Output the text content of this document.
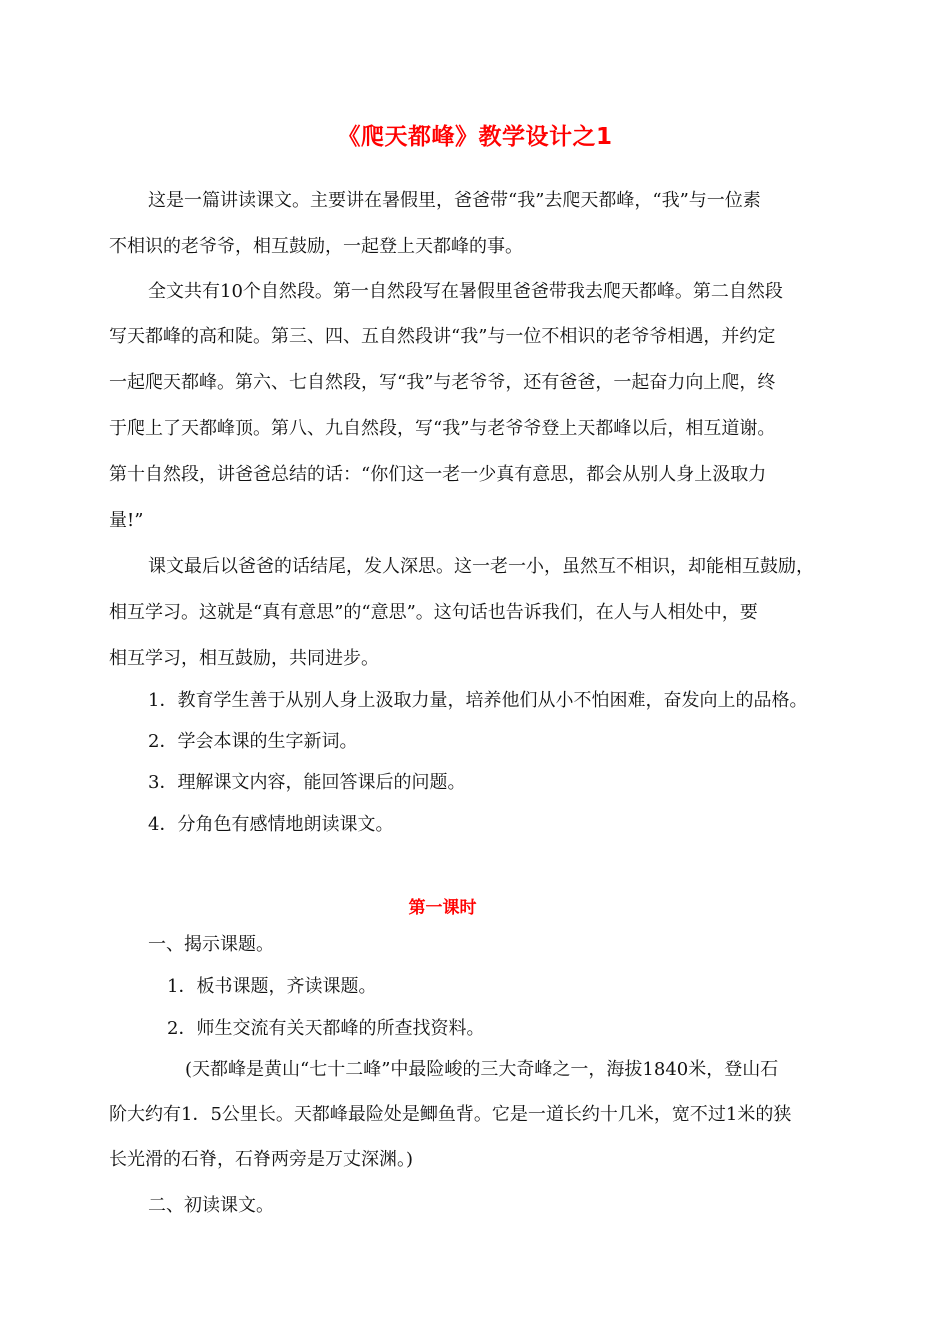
《爬天都峰》教学设计之1
这是一篇讲读课文。主要讲在暑假里，爸爸带“我”去爬天都峰，“我”与一位素
不相识的老爷爷，相互鼓励，一起登上天都峰的事。
全文共有10个自然段。第一自然段写在暑假里爸爸带我去爬天都峰。第二自然段
写天都峰的高和陡。第三、四、五自然段讲“我”与一位不相识的老爷爷相遇，并约定
一起爬天都峰。第六、七自然段，写“我”与老爷爷，还有爸爸，一起奋力向上爬，终
于爬上了天都峰顶。第八、九自然段，写“我”与老爷爷登上天都峰以后，相互道谢。
第十自然段，讲爸爸总结的话：“你们这一老一少真有意思，都会从别人身上汲取力
量!”
课文最后以爸爸的话结尾，发人深思。这一老一小，虽然互不相识，却能相互鼓励，
相互学习。这就是“真有意思”的“意思”。这句话也告诉我们，在人与人相处中，要
相互学习，相互鼓励，共同进步。
1．教育学生善于从别人身上汲取力量，培养他们从小不怕困难，奋发向上的品格。
2．学会本课的生字新词。
3．理解课文内容，能回答课后的问题。
4．分角色有感情地朗读课文。
第一课时
一、揭示课题。
1．板书课题，齐读课题。
2．师生交流有关天都峰的所查找资料。
(天都峰是黄山“七十二峰”中最险峻的三大奇峰之一，海拔1840米，登山石
阶大约有1．5公里长。天都峰最险处是鲫鱼背。它是一道长约十几米，宽不过1米的狭
长光滑的石脊，石脊两旁是万丈深渊。)
二、初读课文。
